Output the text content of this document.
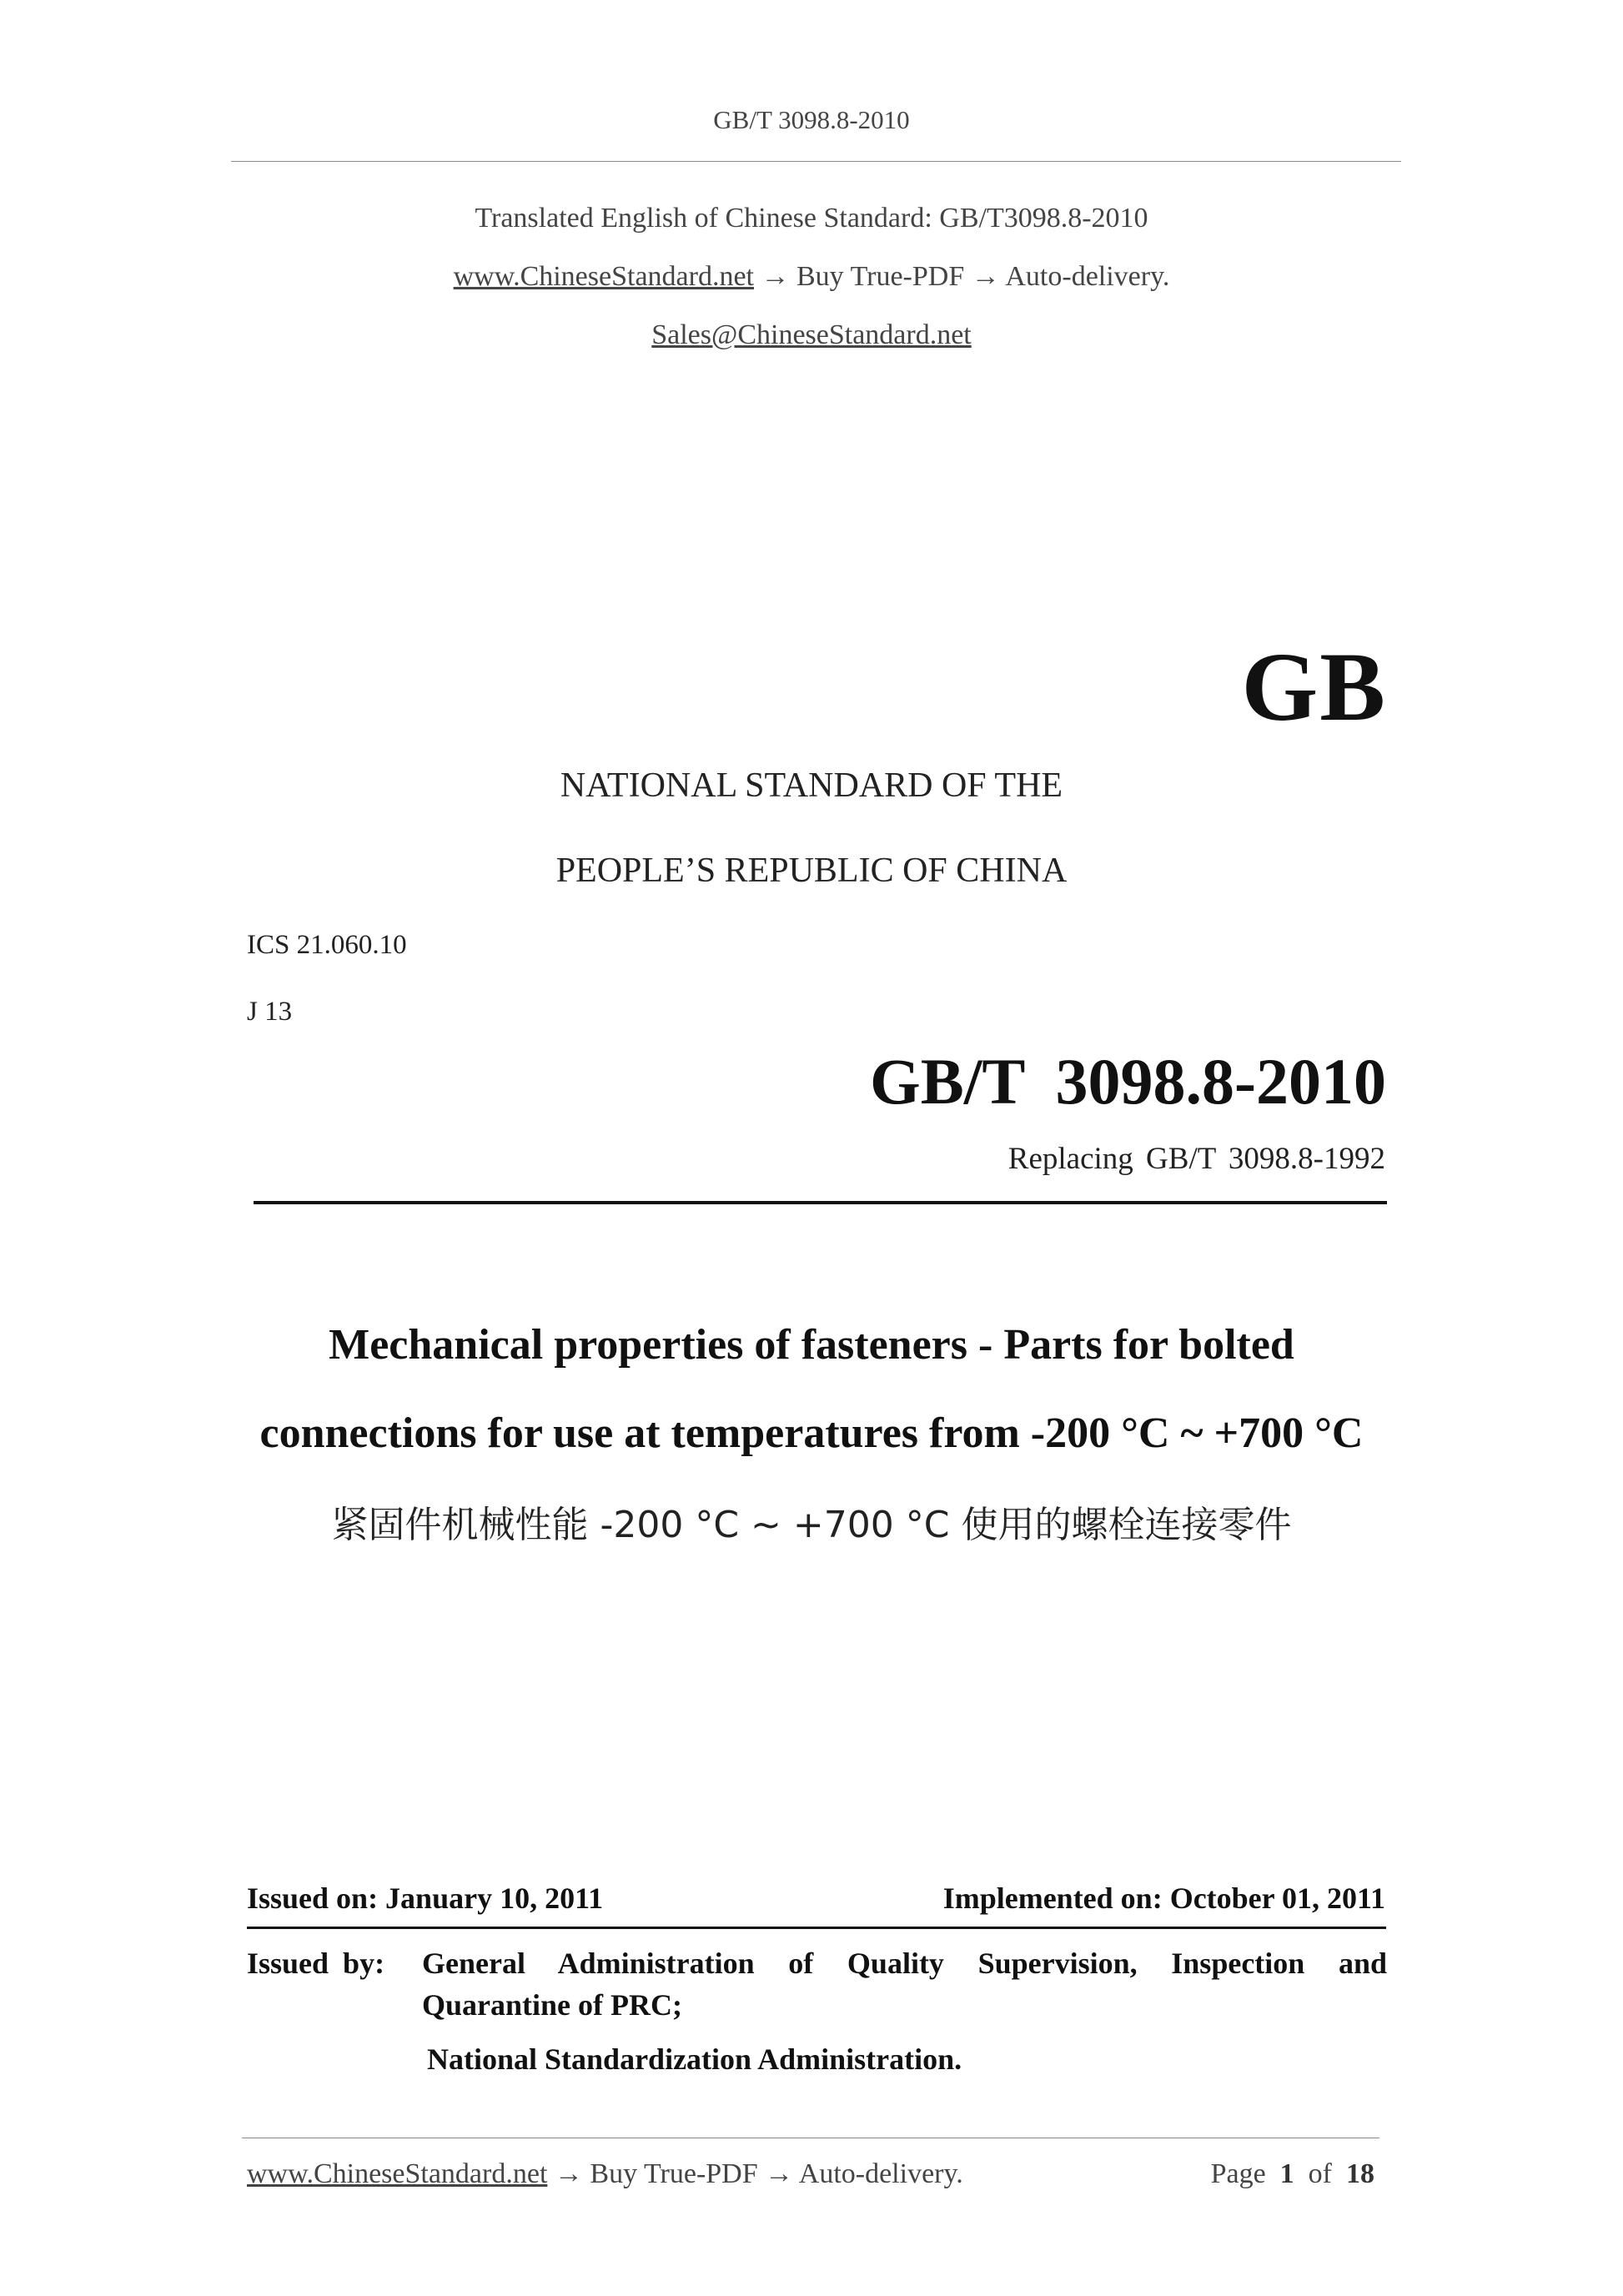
GB/T 3098.8-2010
Translated English of Chinese Standard: GB/T3098.8-2010
www.ChineseStandard.net → Buy True-PDF → Auto-delivery.
Sales@ChineseStandard.net
GB
NATIONAL STANDARD OF THE
PEOPLE’S REPUBLIC OF CHINA
ICS 21.060.10
J 13
GB/T 3098.8-2010
Replacing GB/T 3098.8-1992
Mechanical properties of fasteners - Parts for bolted
connections for use at temperatures from -200 °C ~ +700 °C
紧固件机械性能 -200 °C ~ +700 °C 使用的螺栓连接零件
Issued on: January 10, 2011	Implemented on: October 01, 2011
Issued by: General Administration of Quality Supervision, Inspection and
Quarantine of PRC;
National Standardization Administration.
www.ChineseStandard.net → Buy True-PDF → Auto-delivery.	Page 1 of 18
